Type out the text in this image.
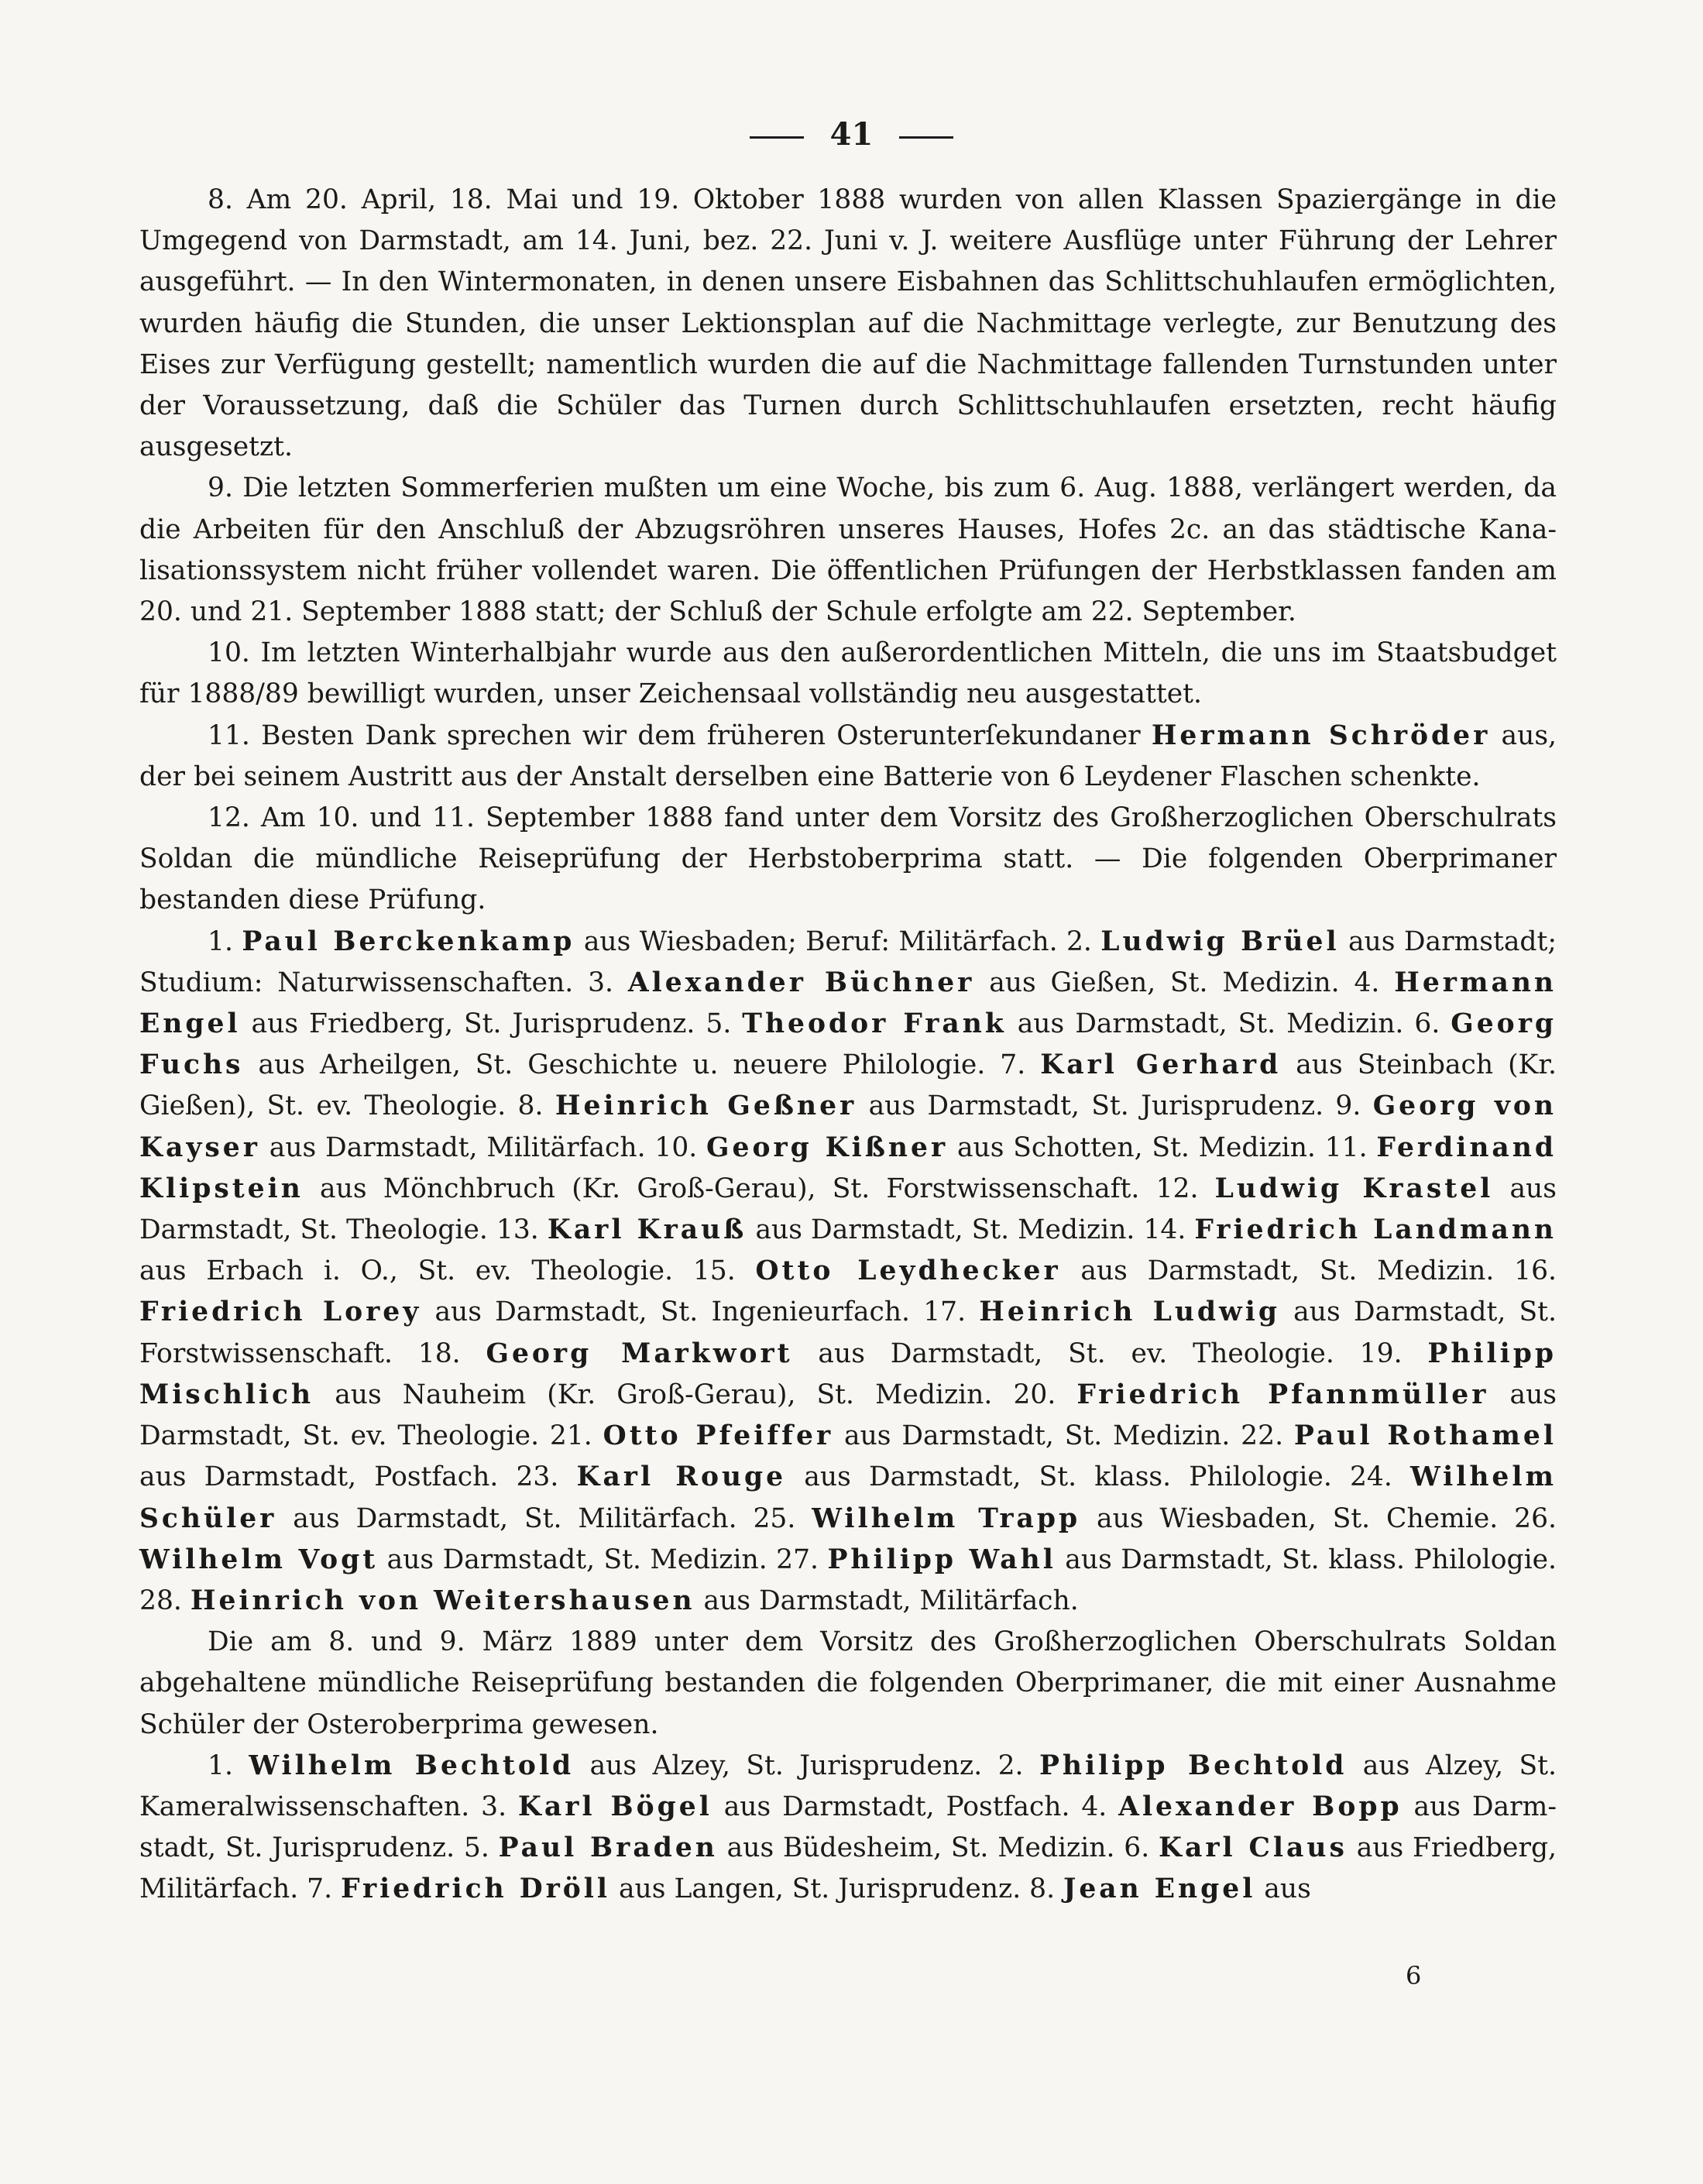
41

8. Am 20. April, 18. Mai und 19. Oktober 1888 wurden von allen Klassen Spaziergänge in die Umgegend von Darmstadt, am 14. Juni, bez. 22. Juni v. J. weitere Ausflüge unter Führung der Lehrer ausgeführt. — In den Wintermonaten, in denen unsere Eisbahnen das Schlittschuhlaufen ermöglichten, wurden häufig die Stunden, die unser Lektionsplan auf die Nachmittage verlegte, zur Benutzung des Eises zur Verfügung gestellt; namentlich wurden die auf die Nachmittage fallenden Turnstunden unter der Voraussetzung, daß die Schüler das Turnen durch Schlittschuhlaufen ersetzten, recht häufig ausgesetzt.

9. Die letzten Sommerferien mußten um eine Woche, bis zum 6. Aug. 1888, verlängert werden, da die Arbeiten für den Anschluß der Abzugsröhren unseres Hauses, Hofes 2c. an das städtische Kanalisationssystem nicht früher vollendet waren. Die öffentlichen Prüfungen der Herbstklassen fanden am 20. und 21. September 1888 statt; der Schluß der Schule erfolgte am 22. September.

10. Im letzten Winterhalbjahr wurde aus den außerordentlichen Mitteln, die uns im Staatsbudget für 1888/89 bewilligt wurden, unser Zeichensaal vollständig neu ausgestattet.

11. Besten Dank sprechen wir dem früheren Osterunterſekundaner Hermann Schröder aus, der bei seinem Austritt aus der Anstalt derselben eine Batterie von 6 Leydener Flaschen schenkte.

12. Am 10. und 11. September 1888 fand unter dem Vorsitz des Großherzoglichen Oberschulrats Soldan die mündliche Reiseprüfung der Herbstoberprima statt. — Die folgenden Oberprimaner bestanden diese Prüfung.

1. Paul Berckenkamp aus Wiesbaden; Beruf: Militärfach. 2. Ludwig Brüel aus Darmstadt; Studium: Naturwissenschaften. 3. Alexander Büchner aus Gießen, St. Medizin. 4. Hermann Engel aus Friedberg, St. Jurisprudenz. 5. Theodor Frank aus Darmstadt, St. Medizin. 6. Georg Fuchs aus Arheilgen, St. Geschichte u. neuere Philologie. 7. Karl Gerhard aus Steinbach (Kr. Gießen), St. ev. Theologie. 8. Heinrich Geßner aus Darmstadt, St. Jurisprudenz. 9. Georg von Kayser aus Darmstadt, Militärfach. 10. Georg Kißner aus Schotten, St. Medizin. 11. Ferdinand Klipstein aus Mönchbruch (Kr. Groß-Gerau), St. Forstwissenschaft. 12. Ludwig Krastel aus Darmstadt, St. Theologie. 13. Karl Krauß aus Darmstadt, St. Medizin. 14. Friedrich Landmann aus Erbach i. O., St. ev. Theologie. 15. Otto Leydhecker aus Darmstadt, St. Medizin. 16. Friedrich Lorey aus Darmstadt, St. Ingenieurfach. 17. Heinrich Ludwig aus Darmstadt, St. Forstwissenschaft. 18. Georg Markwort aus Darmstadt, St. ev. Theologie. 19. Philipp Mischlich aus Nauheim (Kr. Groß-Gerau), St. Medizin. 20. Friedrich Pfannmüller aus Darmstadt, St. ev. Theologie. 21. Otto Pfeiffer aus Darmstadt, St. Medizin. 22. Paul Rothamel aus Darmstadt, Postfach. 23. Karl Rouge aus Darmstadt, St. klass. Philologie. 24. Wilhelm Schüler aus Darmstadt, St. Militärfach. 25. Wilhelm Trapp aus Wiesbaden, St. Chemie. 26. Wilhelm Vogt aus Darmstadt, St. Medizin. 27. Philipp Wahl aus Darmstadt, St. klass. Philologie. 28. Heinrich von Weitershausen aus Darmstadt, Militärfach.

Die am 8. und 9. März 1889 unter dem Vorsitz des Großherzoglichen Oberschulrats Soldan abgehaltene mündliche Reiseprüfung bestanden die folgenden Oberprimaner, die mit einer Ausnahme Schüler der Osteroberprima gewesen.

1. Wilhelm Bechtold aus Alzey, St. Jurisprudenz. 2. Philipp Bechtold aus Alzey, St. Kameralwissenschaften. 3. Karl Bögel aus Darmstadt, Postfach. 4. Alexander Bopp aus Darmstadt, St. Jurisprudenz. 5. Paul Braden aus Büdesheim, St. Medizin. 6. Karl Claus aus Friedberg, Militärfach. 7. Friedrich Dröll aus Langen, St. Jurisprudenz. 8. Jean Engel aus

6
